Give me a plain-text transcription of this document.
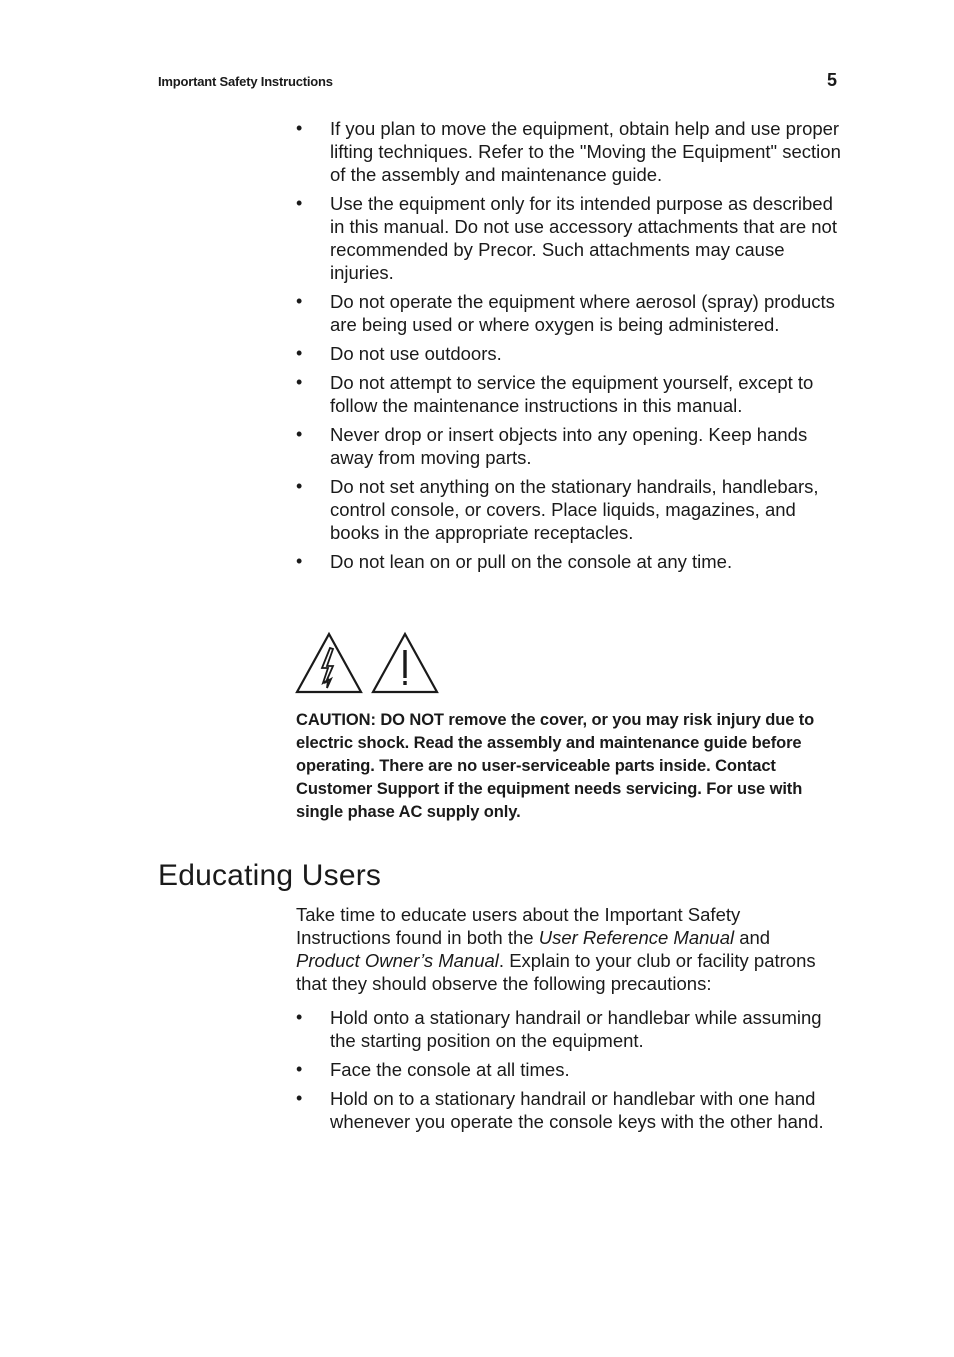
Important Safety Instructions	5
• If you plan to move the equipment, obtain help and use proper lifting techniques. Refer to the "Moving the Equipment" section of the assembly and maintenance guide.
• Use the equipment only for its intended purpose as described in this manual. Do not use accessory attachments that are not recommended by Precor. Such attachments may cause injuries.
• Do not operate the equipment where aerosol (spray) products are being used or where oxygen is being administered.
• Do not use outdoors.
• Do not attempt to service the equipment yourself, except to follow the maintenance instructions in this manual.
• Never drop or insert objects into any opening. Keep hands away from moving parts.
• Do not set anything on the stationary handrails, handlebars, control console, or covers. Place liquids, magazines, and books in the appropriate receptacles.
• Do not lean on or pull on the console at any time.
CAUTION: DO NOT remove the cover, or you may risk injury due to electric shock. Read the assembly and maintenance guide before operating. There are no user-serviceable parts inside. Contact Customer Support if the equipment needs servicing. For use with single phase AC supply only.
Educating Users

Take time to educate users about the Important Safety Instructions found in both the User Reference Manual and Product Owner’s Manual. Explain to your club or facility patrons that they should observe the following precautions:

• Hold onto a stationary handrail or handlebar while assuming the starting position on the equipment.
• Face the console at all times.
• Hold on to a stationary handrail or handlebar with one hand whenever you operate the console keys with the other hand.
